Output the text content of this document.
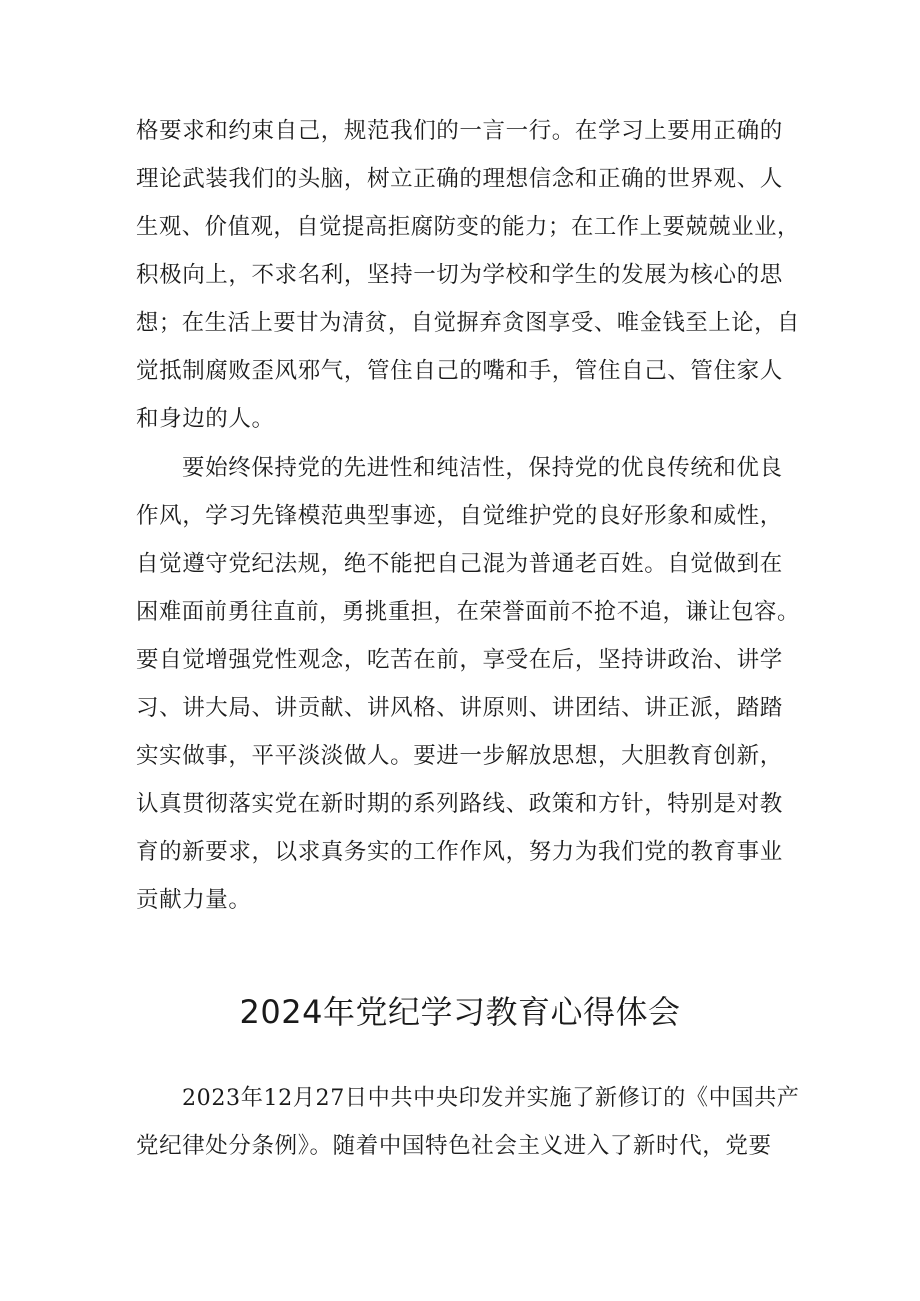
格要求和约束自己，规范我们的一言一行。在学习上要用正确的
理论武装我们的头脑，树立正确的理想信念和正确的世界观、人
生观、价值观，自觉提高拒腐防变的能力；在工作上要兢兢业业，
积极向上，不求名利，坚持一切为学校和学生的发展为核心的思
想；在生活上要甘为清贫，自觉摒弃贪图享受、唯金钱至上论，自
觉抵制腐败歪风邪气，管住自己的嘴和手，管住自己、管住家人
和身边的人。
要始终保持党的先进性和纯洁性，保持党的优良传统和优良
作风，学习先锋模范典型事迹，自觉维护党的良好形象和威性，
自觉遵守党纪法规，绝不能把自己混为普通老百姓。自觉做到在
困难面前勇往直前，勇挑重担，在荣誉面前不抢不追，谦让包容。
要自觉增强党性观念，吃苦在前，享受在后，坚持讲政治、讲学
习、讲大局、讲贡献、讲风格、讲原则、讲团结、讲正派，踏踏
实实做事，平平淡淡做人。要进一步解放思想，大胆教育创新，
认真贯彻落实党在新时期的系列路线、政策和方针，特别是对教
育的新要求，以求真务实的工作作风，努力为我们党的教育事业
贡献力量。
2024年党纪学习教育心得体会
2023年12月27日中共中央印发并实施了新修订的《中国共产
党纪律处分条例》。随着中国特色社会主义进入了新时代，党要
